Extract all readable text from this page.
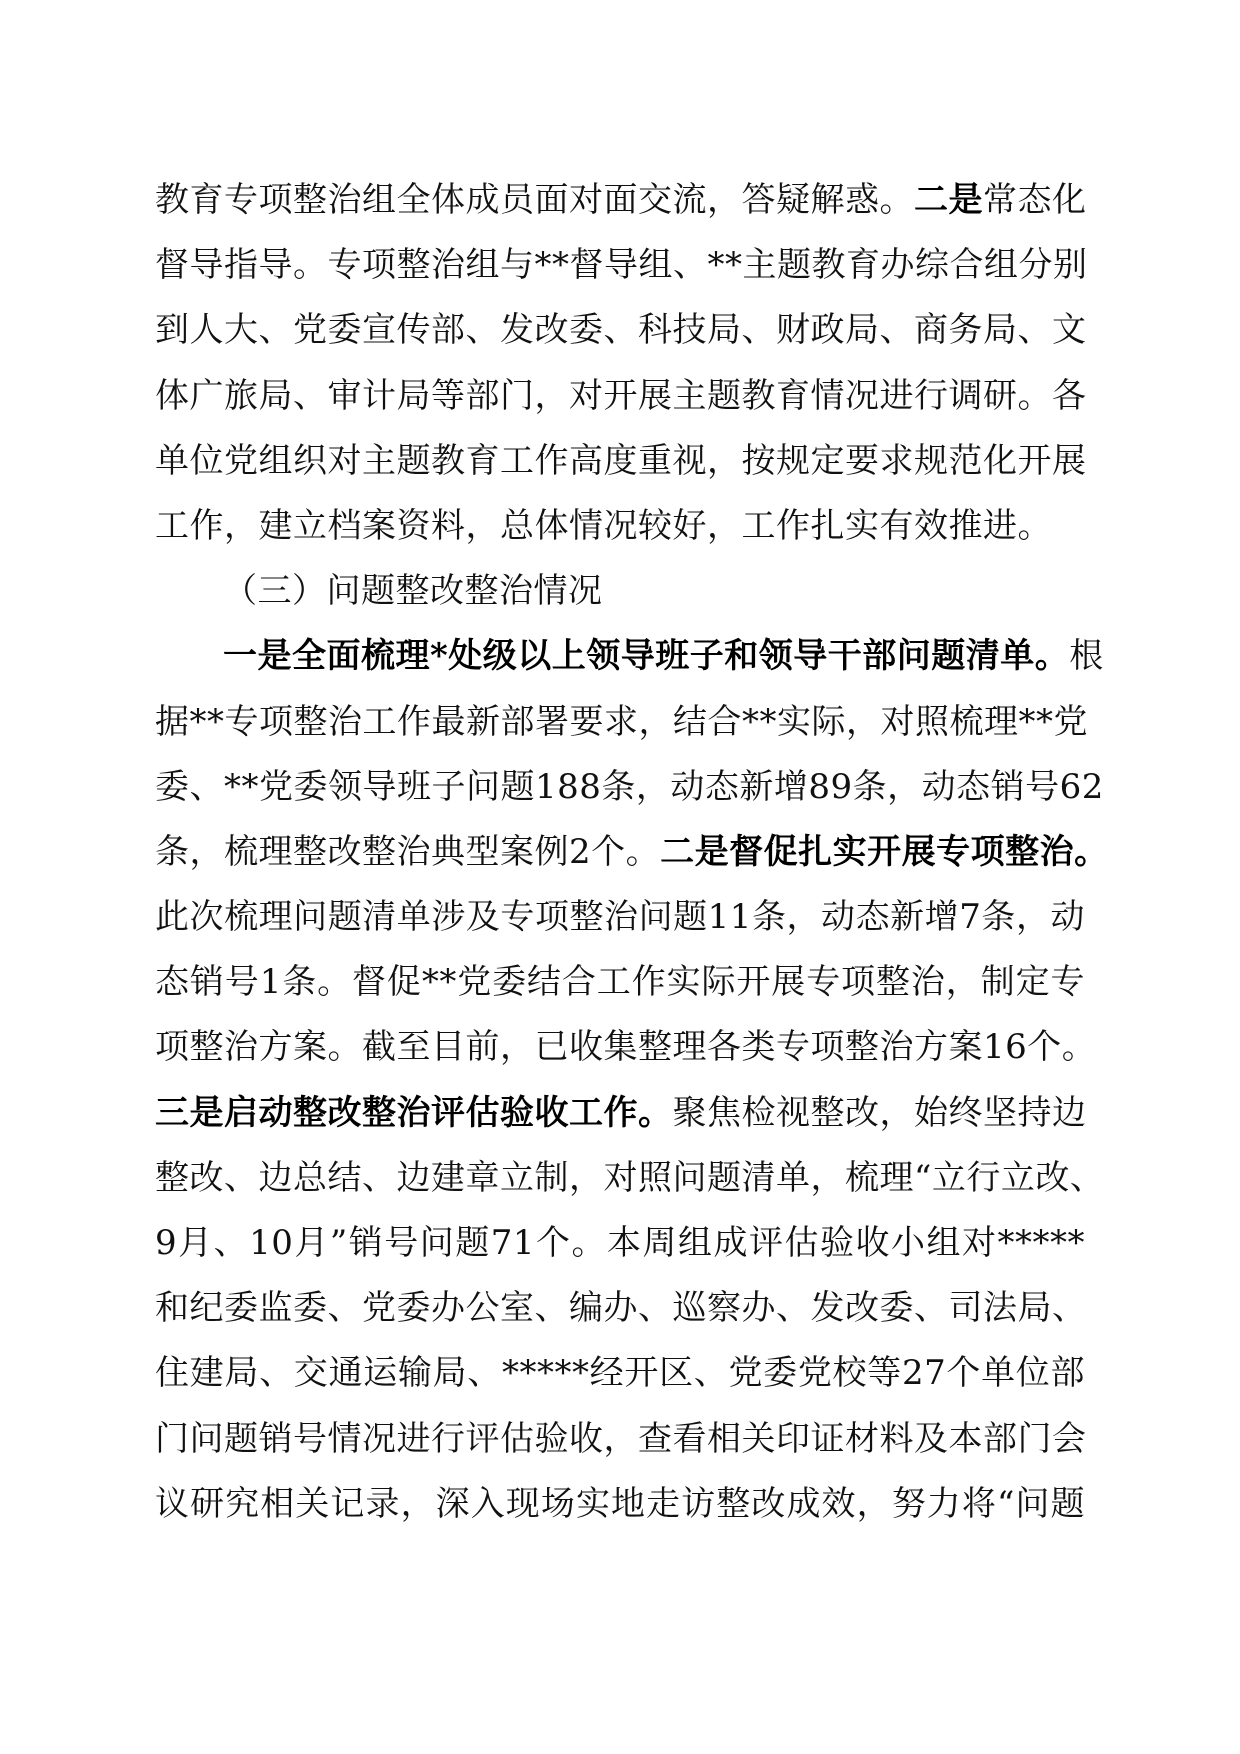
教育专项整治组全体成员面对面交流，答疑解惑。二是常态化
督导指导。专项整治组与**督导组、**主题教育办综合组分别
到人大、党委宣传部、发改委、科技局、财政局、商务局、文
体广旅局、审计局等部门，对开展主题教育情况进行调研。各
单位党组织对主题教育工作高度重视，按规定要求规范化开展
工作，建立档案资料，总体情况较好，工作扎实有效推进。
（三）问题整改整治情况
一是全面梳理*处级以上领导班子和领导干部问题清单。根
据**专项整治工作最新部署要求，结合**实际，对照梳理**党
委、**党委领导班子问题188条，动态新增89条，动态销号62
条，梳理整改整治典型案例2个。二是督促扎实开展专项整治。
此次梳理问题清单涉及专项整治问题11条，动态新增7条，动
态销号1条。督促**党委结合工作实际开展专项整治，制定专
项整治方案。截至目前，已收集整理各类专项整治方案16个。
三是启动整改整治评估验收工作。聚焦检视整改，始终坚持边
整改、边总结、边建章立制，对照问题清单，梳理“立行立改、
9月、10月”销号问题71个。本周组成评估验收小组对*****
和纪委监委、党委办公室、编办、巡察办、发改委、司法局、
住建局、交通运输局、*****经开区、党委党校等27个单位部
门问题销号情况进行评估验收，查看相关印证材料及本部门会
议研究相关记录，深入现场实地走访整改成效，努力将“问题
